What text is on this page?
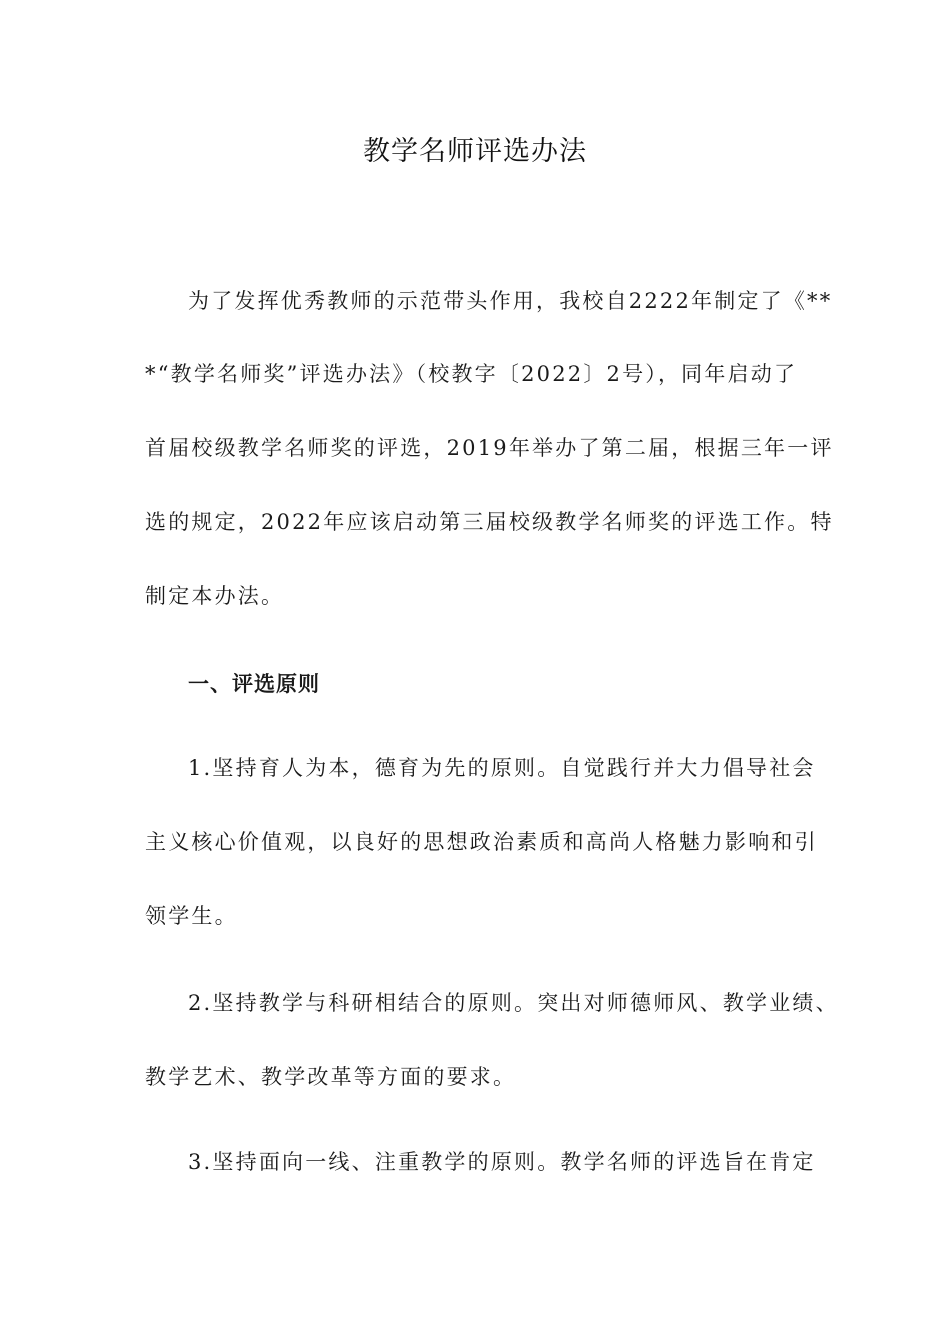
教学名师评选办法
为了发挥优秀教师的示范带头作用，我校自2222年制定了《**
*“教学名师奖”评选办法》（校教字〔2022〕2号），同年启动了
首届校级教学名师奖的评选，2019年举办了第二届，根据三年一评
选的规定，2022年应该启动第三届校级教学名师奖的评选工作。特
制定本办法。
一、评选原则
1.坚持育人为本，德育为先的原则。自觉践行并大力倡导社会
主义核心价值观，以良好的思想政治素质和高尚人格魅力影响和引
领学生。
2.坚持教学与科研相结合的原则。突出对师德师风、教学业绩、
教学艺术、教学改革等方面的要求。
3.坚持面向一线、注重教学的原则。教学名师的评选旨在肯定
